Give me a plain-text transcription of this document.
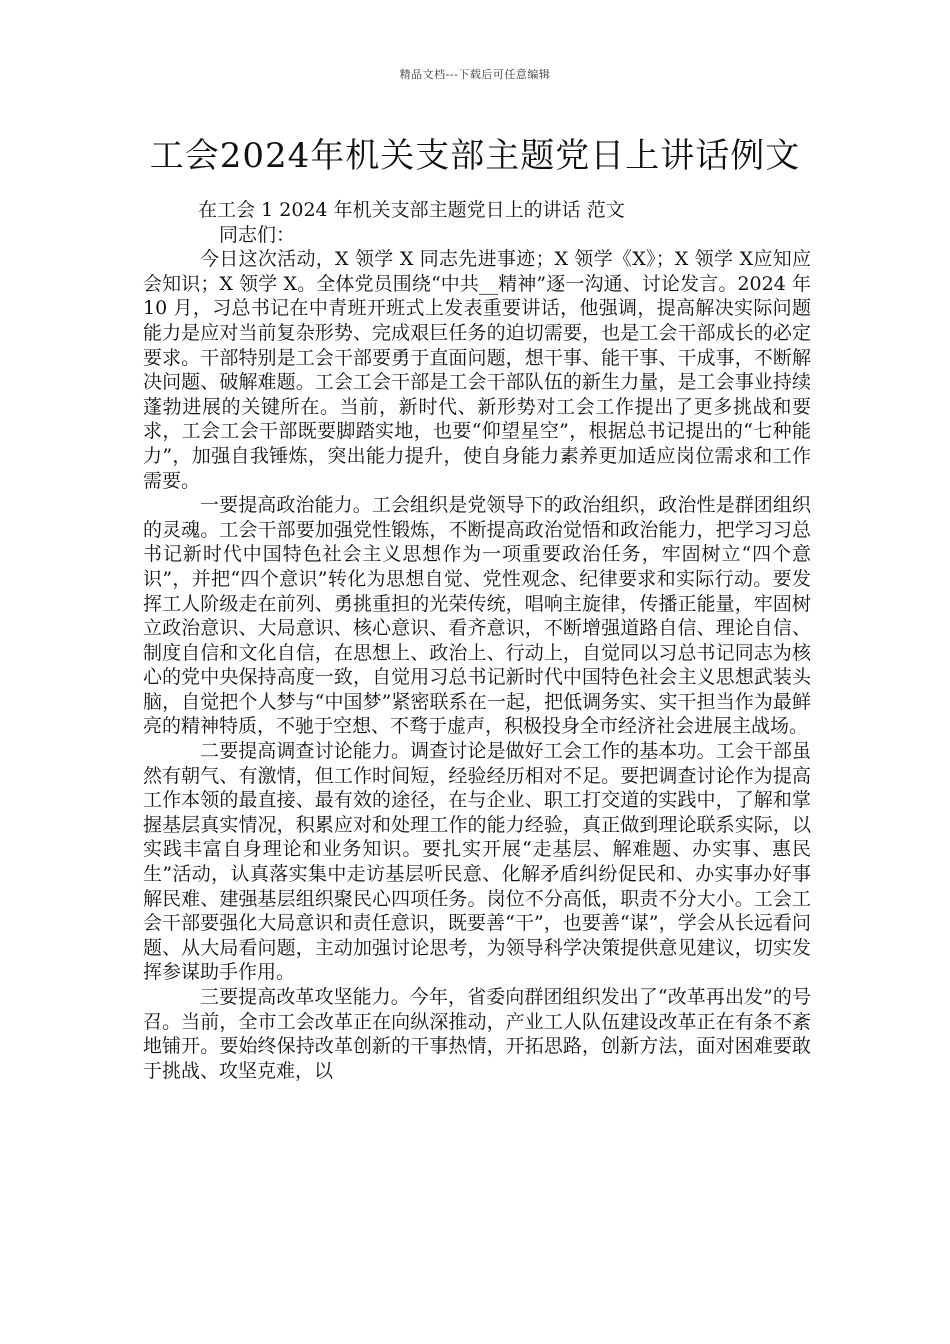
精品文档---下载后可任意编辑
工会2024年机关支部主题党日上讲话例文

在工会 1 2024 年机关支部主题党日上的讲话 范文

同志们：

今日这次活动，X 领学 X 同志先进事迹；X 领学《X》；X 领学 X应知应会知识；X 领学 X。全体党员围绕“中共__精神”逐一沟通、讨论发言。2024 年 10 月，习总书记在中青班开班式上发表重要讲话，他强调，提高解决实际问题能力是应对当前复杂形势、完成艰巨任务的迫切需要，也是工会干部成长的必定要求。干部特别是工会干部要勇于直面问题，想干事、能干事、干成事，不断解决问题、破解难题。工会工会干部是工会干部队伍的新生力量，是工会事业持续蓬勃进展的关键所在。当前，新时代、新形势对工会工作提出了更多挑战和要求，工会工会干部既要脚踏实地，也要“仰望星空”，根据总书记提出的“七种能力”，加强自我锤炼，突出能力提升，使自身能力素养更加适应岗位需求和工作需要。

一要提高政治能力。工会组织是党领导下的政治组织，政治性是群团组织的灵魂。工会干部要加强党性锻炼，不断提高政治觉悟和政治能力，把学习习总书记新时代中国特色社会主义思想作为一项重要政治任务，牢固树立“四个意识”，并把“四个意识”转化为思想自觉、党性观念、纪律要求和实际行动。要发挥工人阶级走在前列、勇挑重担的光荣传统，唱响主旋律，传播正能量，牢固树立政治意识、大局意识、核心意识、看齐意识，不断增强道路自信、理论自信、制度自信和文化自信，在思想上、政治上、行动上，自觉同以习总书记同志为核心的党中央保持高度一致，自觉用习总书记新时代中国特色社会主义思想武装头脑，自觉把个人梦与“中国梦”紧密联系在一起，把低调务实、实干担当作为最鲜亮的精神特质，不驰于空想、不骛于虚声，积极投身全市经济社会进展主战场。

二要提高调查讨论能力。调查讨论是做好工会工作的基本功。工会干部虽然有朝气、有激情，但工作时间短，经验经历相对不足。要把调查讨论作为提高工作本领的最直接、最有效的途径，在与企业、职工打交道的实践中，了解和掌握基层真实情况，积累应对和处理工作的能力经验，真正做到理论联系实际，以实践丰富自身理论和业务知识。要扎实开展“走基层、解难题、办实事、惠民生”活动，认真落实集中走访基层听民意、化解矛盾纠纷促民和、办实事办好事解民难、建强基层组织聚民心四项任务。岗位不分高低，职责不分大小。工会工会干部要强化大局意识和责任意识，既要善“干”，也要善“谋”，学会从长远看问题、从大局看问题，主动加强讨论思考，为领导科学决策提供意见建议，切实发挥参谋助手作用。

三要提高改革攻坚能力。今年，省委向群团组织发出了“改革再出发”的号召。当前，全市工会改革正在向纵深推动，产业工人队伍建设改革正在有条不紊地铺开。要始终保持改革创新的干事热情，开拓思路，创新方法，面对困难要敢于挑战、攻坚克难，以
